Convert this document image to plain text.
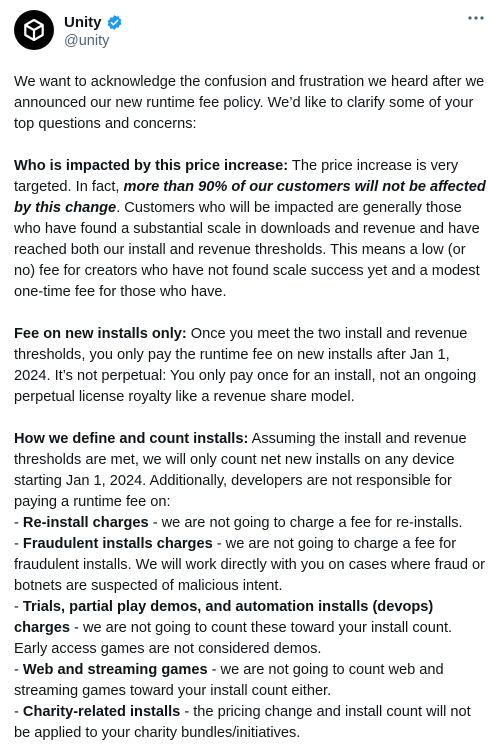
Unity
@unity

We want to acknowledge the confusion and frustration we heard after we announced our new runtime fee policy. We’d like to clarify some of your top questions and concerns:

Who is impacted by this price increase: The price increase is very targeted. In fact, more than 90% of our customers will not be affected by this change. Customers who will be impacted are generally those who have found a substantial scale in downloads and revenue and have reached both our install and revenue thresholds. This means a low (or no) fee for creators who have not found scale success yet and a modest one-time fee for those who have.

Fee on new installs only: Once you meet the two install and revenue thresholds, you only pay the runtime fee on new installs after Jan 1, 2024. It’s not perpetual: You only pay once for an install, not an ongoing perpetual license royalty like a revenue share model.

How we define and count installs: Assuming the install and revenue thresholds are met, we will only count net new installs on any device starting Jan 1, 2024. Additionally, developers are not responsible for paying a runtime fee on:

- Re-install charges - we are not going to charge a fee for re-installs.

- Fraudulent installs charges - we are not going to charge a fee for fraudulent installs. We will work directly with you on cases where fraud or botnets are suspected of malicious intent.

- Trials, partial play demos, and automation installs (devops) charges - we are not going to count these toward your install count. Early access games are not considered demos.

- Web and streaming games - we are not going to count web and streaming games toward your install count either.

- Charity-related installs - the pricing change and install count will not be applied to your charity bundles/initiatives.
